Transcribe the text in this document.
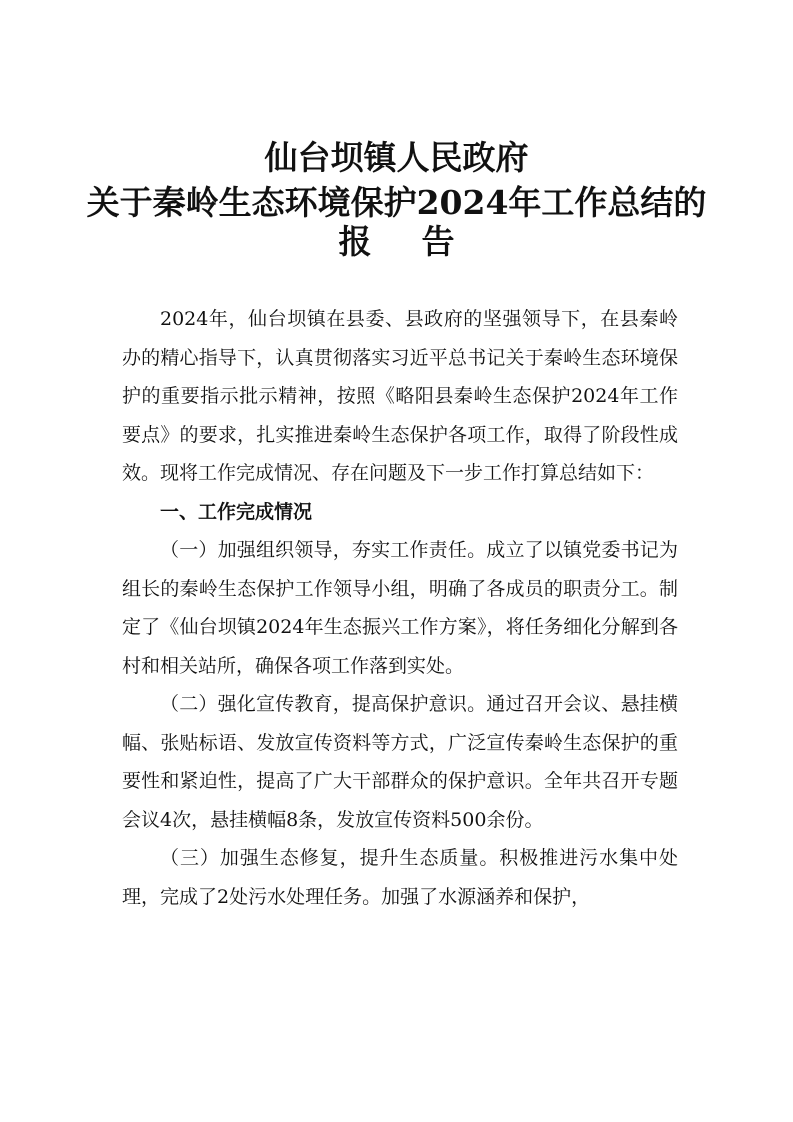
仙台坝镇人民政府
关于秦岭生态环境保护2024年工作总结的
报告

2024年，仙台坝镇在县委、县政府的坚强领导下，在县秦岭办的精心指导下，认真贯彻落实习近平总书记关于秦岭生态环境保护的重要指示批示精神，按照《略阳县秦岭生态保护2024年工作要点》的要求，扎实推进秦岭生态保护各项工作，取得了阶段性成效。现将工作完成情况、存在问题及下一步工作打算总结如下：

一、工作完成情况

（一）加强组织领导，夯实工作责任。成立了以镇党委书记为组长的秦岭生态保护工作领导小组，明确了各成员的职责分工。制定了《仙台坝镇2024年生态振兴工作方案》，将任务细化分解到各村和相关站所，确保各项工作落到实处。

（二）强化宣传教育，提高保护意识。通过召开会议、悬挂横幅、张贴标语、发放宣传资料等方式，广泛宣传秦岭生态保护的重要性和紧迫性，提高了广大干部群众的保护意识。全年共召开专题会议4次，悬挂横幅8条，发放宣传资料500余份。

（三）加强生态修复，提升生态质量。积极推进污水集中处理，完成了2处污水处理任务。加强了水源涵养和保护，
